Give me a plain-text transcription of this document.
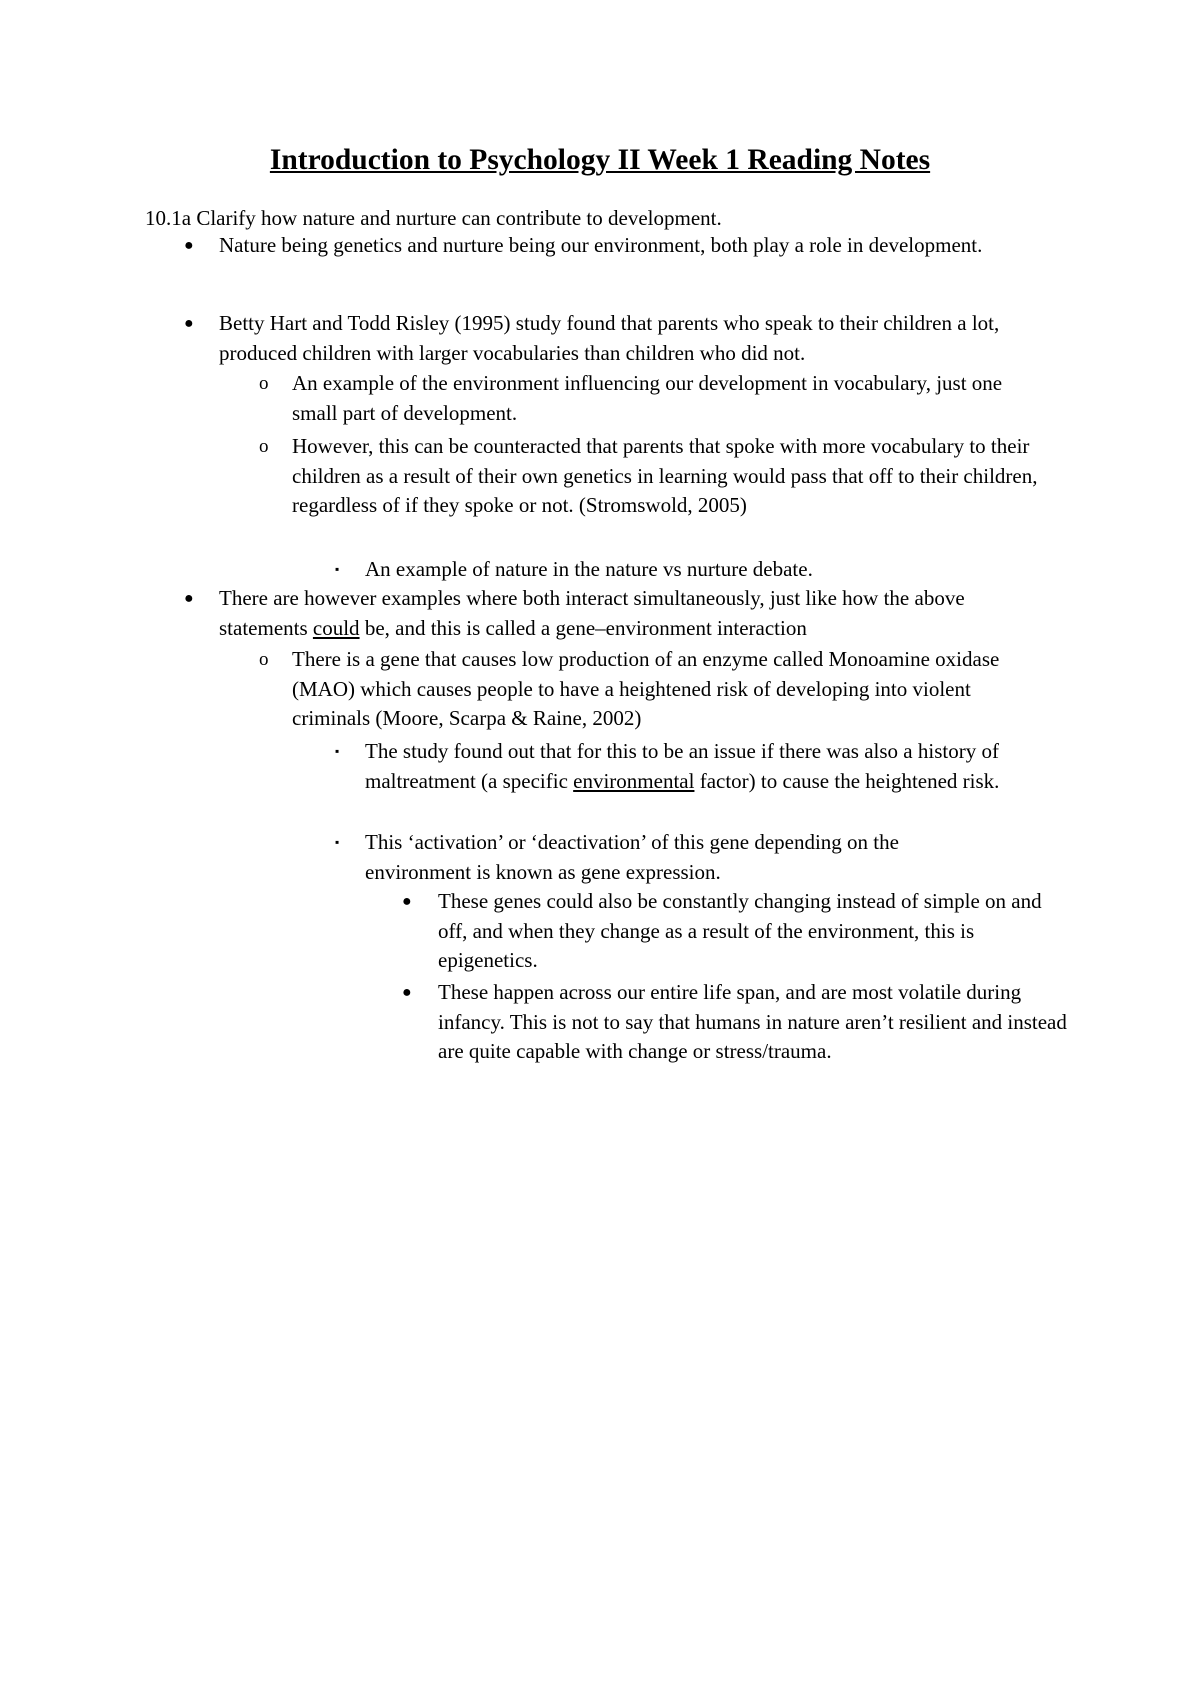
Introduction to Psychology II Week 1 Reading Notes

10.1a Clarify how nature and nurture can contribute to development.

● Nature being genetics and nurture being our environment, both play a role in development.
● Betty Hart and Todd Risley (1995) study found that parents who speak to their children a lot, produced children with larger vocabularies than children who did not.
o An example of the environment influencing our development in vocabulary, just one small part of development.
o However, this can be counteracted that parents that spoke with more vocabulary to their children as a result of their own genetics in learning would pass that off to their children, regardless of if they spoke or not. (Stromswold, 2005)
▪ An example of nature in the nature vs nurture debate.
● There are however examples where both interact simultaneously, just like how the above statements could be, and this is called a gene–environment interaction
o There is a gene that causes low production of an enzyme called Monoamine oxidase (MAO) which causes people to have a heightened risk of developing into violent criminals (Moore, Scarpa & Raine, 2002)
▪ The study found out that for this to be an issue if there was also a history of maltreatment (a specific environmental factor) to cause the heightened risk.
▪ This ‘activation’ or ‘deactivation’ of this gene depending on the environment is known as gene expression.
● These genes could also be constantly changing instead of simple on and off, and when they change as a result of the environment, this is epigenetics.
● These happen across our entire life span, and are most volatile during infancy. This is not to say that humans in nature aren’t resilient and instead are quite capable with change or stress/trauma.
